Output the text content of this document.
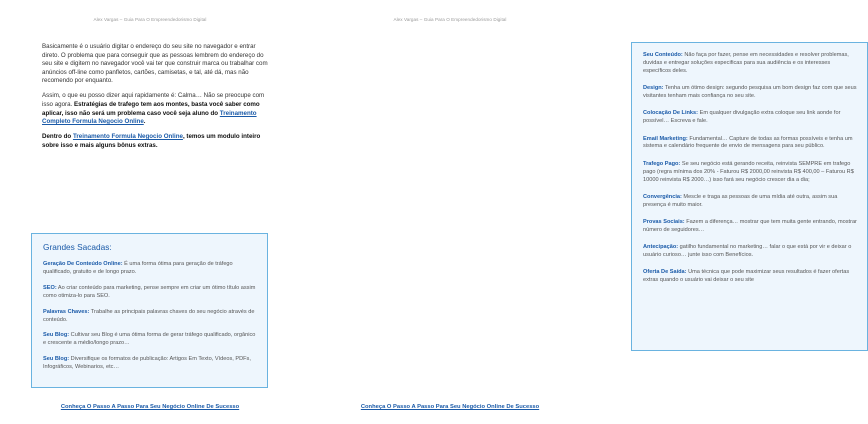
Alex Vargas – Guia Para O Empreendedorismo Digital

Basicamente é o usuário digitar o endereço do seu site no navegador e entrar direto. O problema que para conseguir que as pessoas lembrem do endereço do seu site e digitem no navegador você vai ter que construir marca ou trabalhar com anúncios off-line como panfletos, cartões, camisetas, e tal, até dá, mas não recomendo por enquanto.

Assim, o que eu posso dizer aqui rapidamente é: Calma… Não se preocupe com isso agora. Estratégias de trafego tem aos montes, basta você saber como aplicar, isso não será um problema caso você seja aluno do Treinamento Completo Formula Negocio Online.

Dentro do Treinamento Formula Negocio Online, temos um modulo inteiro sobre isso e mais alguns bônus extras.

Grandes Sacadas:
Geração De Conteúdo Online: É uma forma ótima para geração de tráfego qualificado, gratuito e de longo prazo.
SEO: Ao criar conteúdo para marketing, pense sempre em criar um ótimo título assim como otimiza-lo para SEO.
Palavras Chaves: Trabalhe as principais palavras chaves do seu negócio através de conteúdo.
Seu Blog: Cultivar seu Blog é uma ótima forma de gerar tráfego qualificado, orgânico e crescente a médio/longo prazo…
Seu Blog: Diversifique os formatos de publicação: Artigos Em Texto, Vídeos, PDFs, Infográficos, Webinarios, etc…
Conheça O Passo A Passo Para Seu Negócio Online De Sucesso
Alex Vargas – Guia Para O Empreendedorismo Digital
Seu Conteúdo: Não faça por fazer, pense em necessidades e resolver problemas, duvidas e entregar soluções especificas para sua audiência e os interesses específicos deles.
Design: Tenha um ótimo design: segundo pesquisa um bom design faz com que seus visitantes tenham mais confiança no seu site.
Colocação De Links: Em qualquer divulgação extra coloque seu link aonde for possível… Escreva e fale.
Email Marketing: Fundamental… Capture de todas as formas possíveis e tenha um sistema e calendário frequente de envio de mensagens para seu público.
Trafego Pago: Se seu negócio está gerando receita, reinvista SEMPRE em trafego pago (regra mínima dos 20% - Faturou R$ 2000,00 reinvista R$ 400,00 – Faturou R$ 10000 reinvista R$ 2000…) isso fará seu negócio crescer dia a dia;
Convergência: Mescle e traga as pessoas de uma mídia até outra, assim sua presença é muito maior.
Provas Sociais: Fazem a diferença… mostrar que tem muita gente entrando, mostrar número de seguidores…
Antecipação: gatilho fundamental no marketing… falar o que está por vir e deixar o usuário curioso… junte isso com Benefícios.
Oferta De Saída: Uma técnica que pode maximizar seus resultados é fazer ofertas extras quando o usuário vai deixar o seu site
Conheça O Passo A Passo Para Seu Negócio Online De Sucesso
